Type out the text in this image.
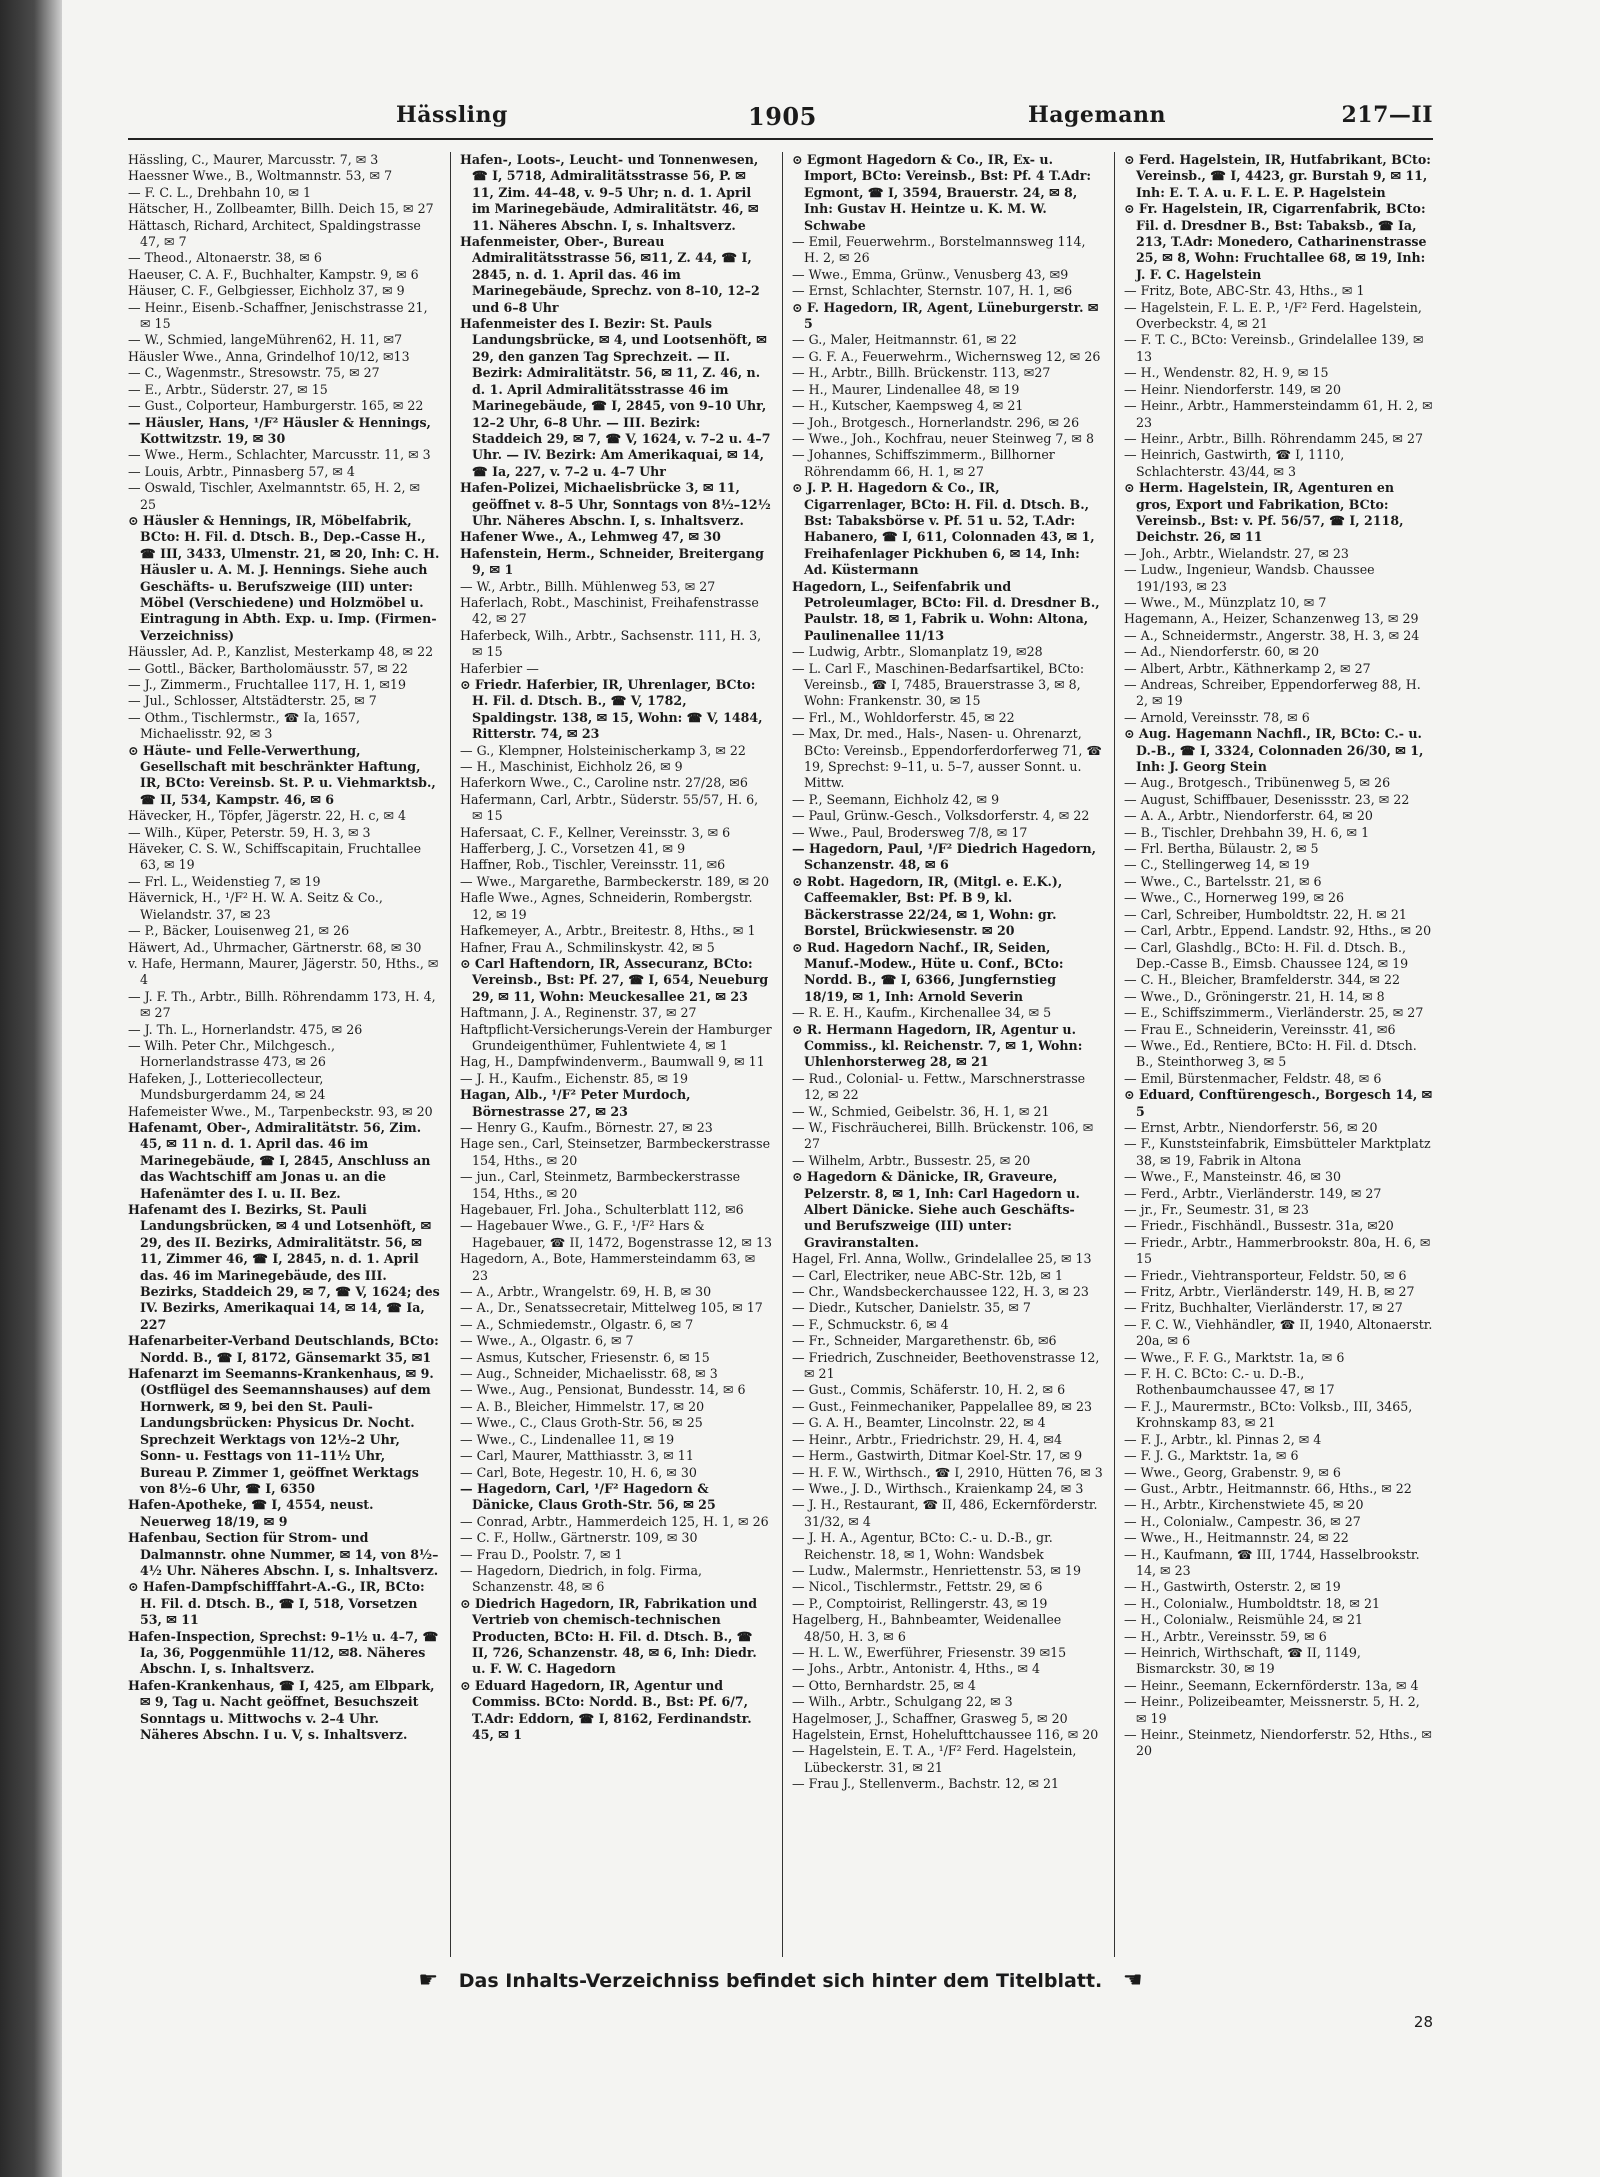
Hässling	1905	Hagemann	217—II

Hässling, C., Maurer, Marcusstr. 7, ✉ 3

Haessner Wwe., B., Woltmannstr. 53, ✉ 7

— F. C. L., Drehbahn 10, ✉ 1

Hätscher, H., Zollbeamter, Billh. Deich 15, ✉ 27

Hättasch, Richard, Architect, Spaldingstrasse 47, ✉ 7

— Theod., Altonaerstr. 38, ✉ 6

Haeuser, C. A. F., Buchhalter, Kampstr. 9, ✉ 6

Häuser, C. F., Gelbgiesser, Eichholz 37, ✉ 9

— Heinr., Eisenb.-Schaffner, Jenischstrasse 21, ✉ 15

— W., Schmied, langeMühren62, H. 11, ✉7

Häusler Wwe., Anna, Grindelhof 10/12, ✉13

— C., Wagenmstr., Stresowstr. 75, ✉ 27

— E., Arbtr., Süderstr. 27, ✉ 15

— Gust., Colporteur, Hamburgerstr. 165, ✉ 22

— Häusler, Hans, ¹/F² Häusler & Hennings, Kottwitzstr. 19, ✉ 30

— Wwe., Herm., Schlachter, Marcusstr. 11, ✉ 3

— Louis, Arbtr., Pinnasberg 57, ✉ 4

— Oswald, Tischler, Axelmanntstr. 65, H. 2, ✉ 25

⊙ Häusler & Hennings, IR, Möbelfabrik, BCto: H. Fil. d. Dtsch. B., Dep.-Casse H., ☎ III, 3433, Ulmenstr. 21, ✉ 20, Inh: C. H. Häusler u. A. M. J. Hennings. Siehe auch Geschäfts- u. Berufszweige (III) unter: Möbel (Verschiedene) und Holzmöbel u. Eintragung in Abth. Exp. u. Imp. (Firmen-Verzeichniss)

Häussler, Ad. P., Kanzlist, Mesterkamp 48, ✉ 22

— Gottl., Bäcker, Bartholomäusstr. 57, ✉ 22

— J., Zimmerm., Fruchtallee 117, H. 1, ✉19

— Jul., Schlosser, Altstädterstr. 25, ✉ 7

— Othm., Tischlermstr., ☎ Ia, 1657, Michaelisstr. 92, ✉ 3

⊙ Häute- und Felle-Verwerthung, Gesellschaft mit beschränkter Haftung, IR, BCto: Vereinsb. St. P. u. Viehmarktsb., ☎ II, 534, Kampstr. 46, ✉ 6

Hävecker, H., Töpfer, Jägerstr. 22, H. c, ✉ 4

— Wilh., Küper, Peterstr. 59, H. 3, ✉ 3

Häveker, C. S. W., Schiffscapitain, Fruchtallee 63, ✉ 19

— Frl. L., Weidenstieg 7, ✉ 19

Hävernick, H., ¹/F² H. W. A. Seitz & Co., Wielandstr. 37, ✉ 23

— P., Bäcker, Louisenweg 21, ✉ 26

Häwert, Ad., Uhrmacher, Gärtnerstr. 68, ✉ 30

v. Hafe, Hermann, Maurer, Jägerstr. 50, Hths., ✉ 4

— J. F. Th., Arbtr., Billh. Röhrendamm 173, H. 4, ✉ 27

— J. Th. L., Hornerlandstr. 475, ✉ 26

— Wilh. Peter Chr., Milchgesch., Hornerlandstrasse 473, ✉ 26

Hafeken, J., Lotteriecollecteur, Mundsburgerdamm 24, ✉ 24

Hafemeister Wwe., M., Tarpenbeckstr. 93, ✉ 20

Hafenamt, Ober-, Admiralitätstr. 56, Zim. 45, ✉ 11 n. d. 1. April das. 46 im Marinegebäude, ☎ I, 2845, Anschluss an das Wachtschiff am Jonas u. an die Hafenämter des I. u. II. Bez.

Hafenamt des I. Bezirks, St. Pauli Landungsbrücken, ✉ 4 und Lotsenhöft, ✉ 29, des II. Bezirks, Admiralitätstr. 56, ✉ 11, Zimmer 46, ☎ I, 2845, n. d. 1. April das. 46 im Marinegebäude, des III. Bezirks, Staddeich 29, ✉ 7, ☎ V, 1624; des IV. Bezirks, Amerikaquai 14, ✉ 14, ☎ Ia, 227

Hafenarbeiter-Verband Deutschlands, BCto: Nordd. B., ☎ I, 8172, Gänsemarkt 35, ✉1

Hafenarzt im Seemanns-Krankenhaus, ✉ 9. (Ostflügel des Seemannshauses) auf dem Hornwerk, ✉ 9, bei den St. Pauli-Landungsbrücken: Physicus Dr. Nocht. Sprechzeit Werktags von 12½–2 Uhr, Sonn- u. Festtags von 11–11½ Uhr, Bureau P. Zimmer 1, geöffnet Werktags von 8½–6 Uhr, ☎ I, 6350

Hafen-Apotheke, ☎ I, 4554, neust. Neuerweg 18/19, ✉ 9

Hafenbau, Section für Strom- und Dalmannstr. ohne Nummer, ✉ 14, von 8½–4½ Uhr. Näheres Abschn. I, s. Inhaltsverz.

⊙ Hafen-Dampfschifffahrt-A.-G., IR, BCto: H. Fil. d. Dtsch. B., ☎ I, 518, Vorsetzen 53, ✉ 11

Hafen-Inspection, Sprechst: 9–1½ u. 4–7, ☎ Ia, 36, Poggenmühle 11/12, ✉8. Näheres Abschn. I, s. Inhaltsverz.

Hafen-Krankenhaus, ☎ I, 425, am Elbpark, ✉ 9, Tag u. Nacht geöffnet, Besuchszeit Sonntags u. Mittwochs v. 2–4 Uhr. Näheres Abschn. I u. V, s. Inhaltsverz.

Hafen-, Loots-, Leucht- und Tonnenwesen, ☎ I, 5718, Admiralitätsstrasse 56, P. ✉ 11, Zim. 44–48, v. 9–5 Uhr; n. d. 1. April im Marinegebäude, Admiralitätstr. 46, ✉ 11. Näheres Abschn. I, s. Inhaltsverz.

Hafenmeister, Ober-, Bureau Admiralitätsstrasse 56, ✉11, Z. 44, ☎ I, 2845, n. d. 1. April das. 46 im Marinegebäude, Sprechz. von 8–10, 12–2 und 6–8 Uhr

Hafenmeister des I. Bezir: St. Pauls Landungsbrücke, ✉ 4, und Lootsenhöft, ✉ 29, den ganzen Tag Sprechzeit. — II. Bezirk: Admiralitätstr. 56, ✉ 11, Z. 46, n. d. 1. April Admiralitätsstrasse 46 im Marinegebäude, ☎ I, 2845, von 9–10 Uhr, 12–2 Uhr, 6–8 Uhr. — III. Bezirk: Staddeich 29, ✉ 7, ☎ V, 1624, v. 7–2 u. 4–7 Uhr. — IV. Bezirk: Am Amerikaquai, ✉ 14, ☎ Ia, 227, v. 7–2 u. 4–7 Uhr

Hafen-Polizei, Michaelisbrücke 3, ✉ 11, geöffnet v. 8–5 Uhr, Sonntags von 8½–12½ Uhr. Näheres Abschn. I, s. Inhaltsverz.

Hafener Wwe., A., Lehmweg 47, ✉ 30

Hafenstein, Herm., Schneider, Breitergang 9, ✉ 1

— W., Arbtr., Billh. Mühlenweg 53, ✉ 27

Haferlach, Robt., Maschinist, Freihafenstrasse 42, ✉ 27

Haferbeck, Wilh., Arbtr., Sachsenstr. 111, H. 3, ✉ 15

Haferbier —

⊙ Friedr. Haferbier, IR, Uhrenlager, BCto: H. Fil. d. Dtsch. B., ☎ V, 1782, Spaldingstr. 138, ✉ 15, Wohn: ☎ V, 1484, Ritterstr. 74, ✉ 23

— G., Klempner, Holsteinischerkamp 3, ✉ 22

— H., Maschinist, Eichholz 26, ✉ 9

Haferkorn Wwe., C., Caroline nstr. 27/28, ✉6

Hafermann, Carl, Arbtr., Süderstr. 55/57, H. 6, ✉ 15

Hafersaat, C. F., Kellner, Vereinsstr. 3, ✉ 6

Hafferberg, J. C., Vorsetzen 41, ✉ 9

Haffner, Rob., Tischler, Vereinsstr. 11, ✉6

— Wwe., Margarethe, Barmbeckerstr. 189, ✉ 20

Hafle Wwe., Agnes, Schneiderin, Rombergstr. 12, ✉ 19

Hafkemeyer, A., Arbtr., Breitestr. 8, Hths., ✉ 1

Hafner, Frau A., Schmilinskystr. 42, ✉ 5

⊙ Carl Haftendorn, IR, Assecuranz, BCto: Vereinsb., Bst: Pf. 27, ☎ I, 654, Neueburg 29, ✉ 11, Wohn: Meuckesallee 21, ✉ 23

Haftmann, J. A., Reginenstr. 37, ✉ 27

Haftpflicht-Versicherungs-Verein der Hamburger Grundeigenthümer, Fuhlentwiete 4, ✉ 1

Hag, H., Dampfwindenverm., Baumwall 9, ✉ 11

— J. H., Kaufm., Eichenstr. 85, ✉ 19

Hagan, Alb., ¹/F² Peter Murdoch, Börnestrasse 27, ✉ 23

— Henry G., Kaufm., Börnestr. 27, ✉ 23

Hage sen., Carl, Steinsetzer, Barmbeckerstrasse 154, Hths., ✉ 20

— jun., Carl, Steinmetz, Barmbeckerstrasse 154, Hths., ✉ 20

Hagebauer, Frl. Joha., Schulterblatt 112, ✉6

— Hagebauer Wwe., G. F., ¹/F² Hars & Hagebauer, ☎ II, 1472, Bogenstrasse 12, ✉ 13

Hagedorn, A., Bote, Hammersteindamm 63, ✉ 23

— A., Arbtr., Wrangelstr. 69, H. B, ✉ 30

— A., Dr., Senatssecretair, Mittelweg 105, ✉ 17

— A., Schmiedemstr., Olgastr. 6, ✉ 7

— Wwe., A., Olgastr. 6, ✉ 7

— Asmus, Kutscher, Friesenstr. 6, ✉ 15

— Aug., Schneider, Michaelisstr. 68, ✉ 3

— Wwe., Aug., Pensionat, Bundesstr. 14, ✉ 6

— A. B., Bleicher, Himmelstr. 17, ✉ 20

— Wwe., C., Claus Groth-Str. 56, ✉ 25

— Wwe., C., Lindenallee 11, ✉ 19

— Carl, Maurer, Matthiasstr. 3, ✉ 11

— Carl, Bote, Hegestr. 10, H. 6, ✉ 30

— Hagedorn, Carl, ¹/F² Hagedorn & Dänicke, Claus Groth-Str. 56, ✉ 25

— Conrad, Arbtr., Hammerdeich 125, H. 1, ✉ 26

— C. F., Hollw., Gärtnerstr. 109, ✉ 30

— Frau D., Poolstr. 7, ✉ 1

— Hagedorn, Diedrich, in folg. Firma, Schanzenstr. 48, ✉ 6

⊙ Diedrich Hagedorn, IR, Fabrikation und Vertrieb von chemisch-technischen Producten, BCto: H. Fil. d. Dtsch. B., ☎ II, 726, Schanzenstr. 48, ✉ 6, Inh: Diedr. u. F. W. C. Hagedorn

⊙ Eduard Hagedorn, IR, Agentur und Commiss. BCto: Nordd. B., Bst: Pf. 6/7, T.Adr: Eddorn, ☎ I, 8162, Ferdinandstr. 45, ✉ 1

⊙ Egmont Hagedorn & Co., IR, Ex- u. Import, BCto: Vereinsb., Bst: Pf. 4 T.Adr: Egmont, ☎ I, 3594, Brauerstr. 24, ✉ 8, Inh: Gustav H. Heintze u. K. M. W. Schwabe

— Emil, Feuerwehrm., Borstelmannsweg 114, H. 2, ✉ 26

— Wwe., Emma, Grünw., Venusberg 43, ✉9

— Ernst, Schlachter, Sternstr. 107, H. 1, ✉6

⊙ F. Hagedorn, IR, Agent, Lüneburgerstr. ✉ 5

— G., Maler, Heitmannstr. 61, ✉ 22

— G. F. A., Feuerwehrm., Wichernsweg 12, ✉ 26

— H., Arbtr., Billh. Brückenstr. 113, ✉27

— H., Maurer, Lindenallee 48, ✉ 19

— H., Kutscher, Kaempsweg 4, ✉ 21

— Joh., Brotgesch., Hornerlandstr. 296, ✉ 26

— Wwe., Joh., Kochfrau, neuer Steinweg 7, ✉ 8

— Johannes, Schiffszimmerm., Billhorner Röhrendamm 66, H. 1, ✉ 27

⊙ J. P. H. Hagedorn & Co., IR, Cigarrenlager, BCto: H. Fil. d. Dtsch. B., Bst: Tabaksbörse v. Pf. 51 u. 52, T.Adr: Habanero, ☎ I, 611, Colonnaden 43, ✉ 1, Freihafenlager Pickhuben 6, ✉ 14, Inh: Ad. Küstermann

Hagedorn, L., Seifenfabrik und Petroleumlager, BCto: Fil. d. Dresdner B., Paulstr. 18, ✉ 1, Fabrik u. Wohn: Altona, Paulinenallee 11/13

— Ludwig, Arbtr., Slomanplatz 19, ✉28

— L. Carl F., Maschinen-Bedarfsartikel, BCto: Vereinsb., ☎ I, 7485, Brauerstrasse 3, ✉ 8, Wohn: Frankenstr. 30, ✉ 15

— Frl., M., Wohldorferstr. 45, ✉ 22

— Max, Dr. med., Hals-, Nasen- u. Ohrenarzt, BCto: Vereinsb., Eppendorferdorferweg 71, ☎ 19, Sprechst: 9–11, u. 5–7, ausser Sonnt. u. Mittw.

— P., Seemann, Eichholz 42, ✉ 9

— Paul, Grünw.-Gesch., Volksdorferstr. 4, ✉ 22

— Wwe., Paul, Brodersweg 7/8, ✉ 17

— Hagedorn, Paul, ¹/F² Diedrich Hagedorn, Schanzenstr. 48, ✉ 6

⊙ Robt. Hagedorn, IR, (Mitgl. e. E.K.), Caffeemakler, Bst: Pf. B 9, kl. Bäckerstrasse 22/24, ✉ 1, Wohn: gr. Borstel, Brückwiesenstr. ✉ 20

⊙ Rud. Hagedorn Nachf., IR, Seiden, Manuf.-Modew., Hüte u. Conf., BCto: Nordd. B., ☎ I, 6366, Jungfernstieg 18/19, ✉ 1, Inh: Arnold Severin

— R. E. H., Kaufm., Kirchenallee 34, ✉ 5

⊙ R. Hermann Hagedorn, IR, Agentur u. Commiss., kl. Reichenstr. 7, ✉ 1, Wohn: Uhlenhorsterweg 28, ✉ 21

— Rud., Colonial- u. Fettw., Marschnerstrasse 12, ✉ 22

— W., Schmied, Geibelstr. 36, H. 1, ✉ 21

— W., Fischräucherei, Billh. Brückenstr. 106, ✉ 27

— Wilhelm, Arbtr., Bussestr. 25, ✉ 20

⊙ Hagedorn & Dänicke, IR, Graveure, Pelzerstr. 8, ✉ 1, Inh: Carl Hagedorn u. Albert Dänicke. Siehe auch Geschäfts- und Berufszweige (III) unter: Graviranstalten.

Hagel, Frl. Anna, Wollw., Grindelallee 25, ✉ 13

— Carl, Electriker, neue ABC-Str. 12b, ✉ 1

— Chr., Wandsbeckerchaussee 122, H. 3, ✉ 23

— Diedr., Kutscher, Danielstr. 35, ✉ 7

— F., Schmuckstr. 6, ✉ 4

— Fr., Schneider, Margarethenstr. 6b, ✉6

— Friedrich, Zuschneider, Beethovenstrasse 12, ✉ 21

— Gust., Commis, Schäferstr. 10, H. 2, ✉ 6

— Gust., Feinmechaniker, Pappelallee 89, ✉ 23

— G. A. H., Beamter, Lincolnstr. 22, ✉ 4

— Heinr., Arbtr., Friedrichstr. 29, H. 4, ✉4

— Herm., Gastwirth, Ditmar Koel-Str. 17, ✉ 9

— H. F. W., Wirthsch., ☎ I, 2910, Hütten 76, ✉ 3

— Wwe., J. D., Wirthsch., Kraienkamp 24, ✉ 3

— J. H., Restaurant, ☎ II, 486, Eckernförderstr. 31/32, ✉ 4

— J. H. A., Agentur, BCto: C.- u. D.-B., gr. Reichenstr. 18, ✉ 1, Wohn: Wandsbek

— Ludw., Malermstr., Henriettenstr. 53, ✉ 19

— Nicol., Tischlermstr., Fettstr. 29, ✉ 6

— P., Comptoirist, Rellingerstr. 43, ✉ 19

Hagelberg, H., Bahnbeamter, Weidenallee 48/50, H. 3, ✉ 6

— H. L. W., Ewerführer, Friesenstr. 39 ✉15

— Johs., Arbtr., Antonistr. 4, Hths., ✉ 4

— Otto, Bernhardstr. 25, ✉ 4

— Wilh., Arbtr., Schulgang 22, ✉ 3

Hagelmoser, J., Schaffner, Grasweg 5, ✉ 20

Hagelstein, Ernst, Hohelufttchaussee 116, ✉ 20

— Hagelstein, E. T. A., ¹/F² Ferd. Hagelstein, Lübeckerstr. 31, ✉ 21

— Frau J., Stellenverm., Bachstr. 12, ✉ 21

⊙ Ferd. Hagelstein, IR, Hutfabrikant, BCto: Vereinsb., ☎ I, 4423, gr. Burstah 9, ✉ 11, Inh: E. T. A. u. F. L. E. P. Hagelstein

⊙ Fr. Hagelstein, IR, Cigarrenfabrik, BCto: Fil. d. Dresdner B., Bst: Tabaksb., ☎ Ia, 213, T.Adr: Monedero, Catharinenstrasse 25, ✉ 8, Wohn: Fruchtallee 68, ✉ 19, Inh: J. F. C. Hagelstein

— Fritz, Bote, ABC-Str. 43, Hths., ✉ 1

— Hagelstein, F. L. E. P., ¹/F² Ferd. Hagelstein, Overbeckstr. 4, ✉ 21

— F. T. C., BCto: Vereinsb., Grindelallee 139, ✉ 13

— H., Wendenstr. 82, H. 9, ✉ 15

— Heinr. Niendorferstr. 149, ✉ 20

— Heinr., Arbtr., Hammersteindamm 61, H. 2, ✉ 23

— Heinr., Arbtr., Billh. Röhrendamm 245, ✉ 27

— Heinrich, Gastwirth, ☎ I, 1110, Schlachterstr. 43/44, ✉ 3

⊙ Herm. Hagelstein, IR, Agenturen en gros, Export und Fabrikation, BCto: Vereinsb., Bst: v. Pf. 56/57, ☎ I, 2118, Deichstr. 26, ✉ 11

— Joh., Arbtr., Wielandstr. 27, ✉ 23

— Ludw., Ingenieur, Wandsb. Chaussee 191/193, ✉ 23

— Wwe., M., Münzplatz 10, ✉ 7

Hagemann, A., Heizer, Schanzenweg 13, ✉ 29

— A., Schneidermstr., Angerstr. 38, H. 3, ✉ 24

— Ad., Niendorferstr. 60, ✉ 20

— Albert, Arbtr., Käthnerkamp 2, ✉ 27

— Andreas, Schreiber, Eppendorferweg 88, H. 2, ✉ 19

— Arnold, Vereinsstr. 78, ✉ 6

⊙ Aug. Hagemann Nachfl., IR, BCto: C.- u. D.-B., ☎ I, 3324, Colonnaden 26/30, ✉ 1, Inh: J. Georg Stein

— Aug., Brotgesch., Tribünenweg 5, ✉ 26

— August, Schiffbauer, Desenissstr. 23, ✉ 22

— A. A., Arbtr., Niendorferstr. 64, ✉ 20

— B., Tischler, Drehbahn 39, H. 6, ✉ 1

— Frl. Bertha, Bülaustr. 2, ✉ 5

— C., Stellingerweg 14, ✉ 19

— Wwe., C., Bartelsstr. 21, ✉ 6

— Wwe., C., Hornerweg 199, ✉ 26

— Carl, Schreiber, Humboldtstr. 22, H. ✉ 21

— Carl, Arbtr., Eppend. Landstr. 92, Hths., ✉ 20

— Carl, Glashdlg., BCto: H. Fil. d. Dtsch. B., Dep.-Casse B., Eimsb. Chaussee 124, ✉ 19

— C. H., Bleicher, Bramfelderstr. 344, ✉ 22

— Wwe., D., Gröningerstr. 21, H. 14, ✉ 8

— E., Schiffszimmerm., Vierländerstr. 25, ✉ 27

— Frau E., Schneiderin, Vereinsstr. 41, ✉6

— Wwe., Ed., Rentiere, BCto: H. Fil. d. Dtsch. B., Steinthorweg 3, ✉ 5

— Emil, Bürstenmacher, Feldstr. 48, ✉ 6

⊙ Eduard, Conftürengesch., Borgesch 14, ✉ 5

— Ernst, Arbtr., Niendorferstr. 56, ✉ 20

— F., Kunststeinfabrik, Eimsbütteler Marktplatz 38, ✉ 19, Fabrik in Altona

— Wwe., F., Mansteinstr. 46, ✉ 30

— Ferd., Arbtr., Vierländerstr. 149, ✉ 27

— jr., Fr., Seumestr. 31, ✉ 23

— Friedr., Fischhändl., Bussestr. 31a, ✉20

— Friedr., Arbtr., Hammerbrookstr. 80a, H. 6, ✉ 15

— Friedr., Viehtransporteur, Feldstr. 50, ✉ 6

— Fritz, Arbtr., Vierländerstr. 149, H. B, ✉ 27

— Fritz, Buchhalter, Vierländerstr. 17, ✉ 27

— F. C. W., Viehhändler, ☎ II, 1940, Altonaerstr. 20a, ✉ 6

— Wwe., F. F. G., Marktstr. 1a, ✉ 6

— F. H. C. BCto: C.- u. D.-B., Rothenbaumchaussee 47, ✉ 17

— F. J., Maurermstr., BCto: Volksb., III, 3465, Krohnskamp 83, ✉ 21

— F. J., Arbtr., kl. Pinnas 2, ✉ 4

— F. J. G., Marktstr. 1a, ✉ 6

— Wwe., Georg, Grabenstr. 9, ✉ 6

— Gust., Arbtr., Heitmannstr. 66, Hths., ✉ 22

— H., Arbtr., Kirchenstwiete 45, ✉ 20

— H., Colonialw., Campestr. 36, ✉ 27

— Wwe., H., Heitmannstr. 24, ✉ 22

— H., Kaufmann, ☎ III, 1744, Hasselbrookstr. 14, ✉ 23

— H., Gastwirth, Osterstr. 2, ✉ 19

— H., Colonialw., Humboldtstr. 18, ✉ 21

— H., Colonialw., Reismühle 24, ✉ 21

— H., Arbtr., Vereinsstr. 59, ✉ 6

— Heinrich, Wirthschaft, ☎ II, 1149, Bismarckstr. 30, ✉ 19

— Heinr., Seemann, Eckernförderstr. 13a, ✉ 4

— Heinr., Polizeibeamter, Meissnerstr. 5, H. 2, ✉ 19

— Heinr., Steinmetz, Niendorferstr. 52, Hths., ✉ 20

☛ Das Inhalts-Verzeichniss befindet sich hinter dem Titelblatt. ☚
28
